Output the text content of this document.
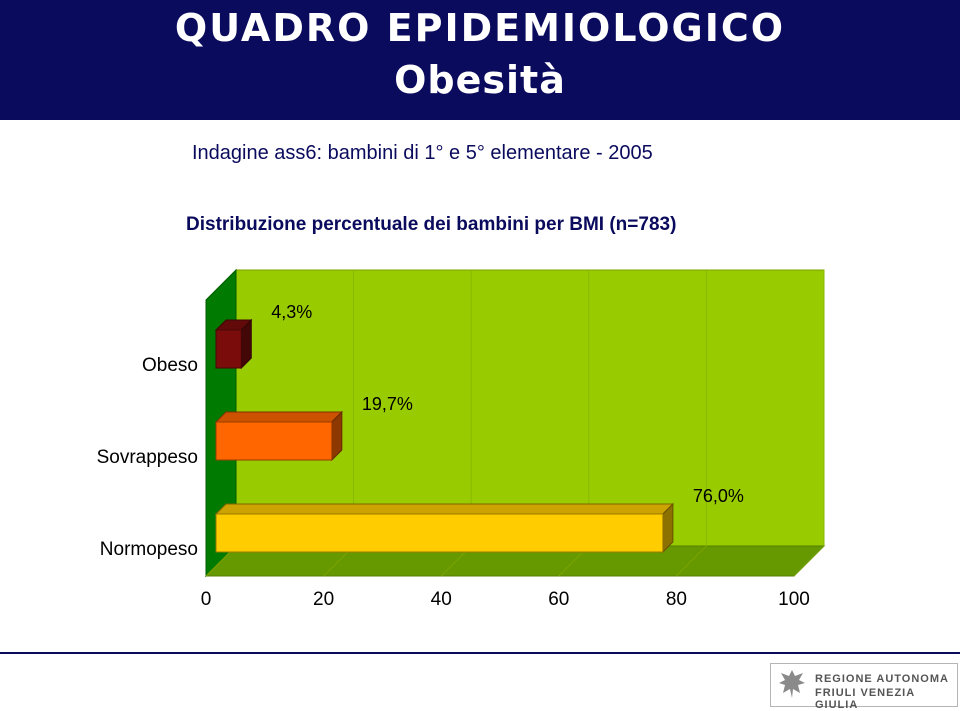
QUADRO EPIDEMIOLOGICO
Obesità
Indagine ass6: bambini di 1° e 5° elementare - 2005
Distribuzione percentuale dei bambini per BMI (n=783)
4,3%
Obeso
19,7%
Sovrappeso
76,0%
Normopeso
0	20	40	60	80	100
REGIONE AUTONOMA
FRIULI VENEZIA GIULIA
